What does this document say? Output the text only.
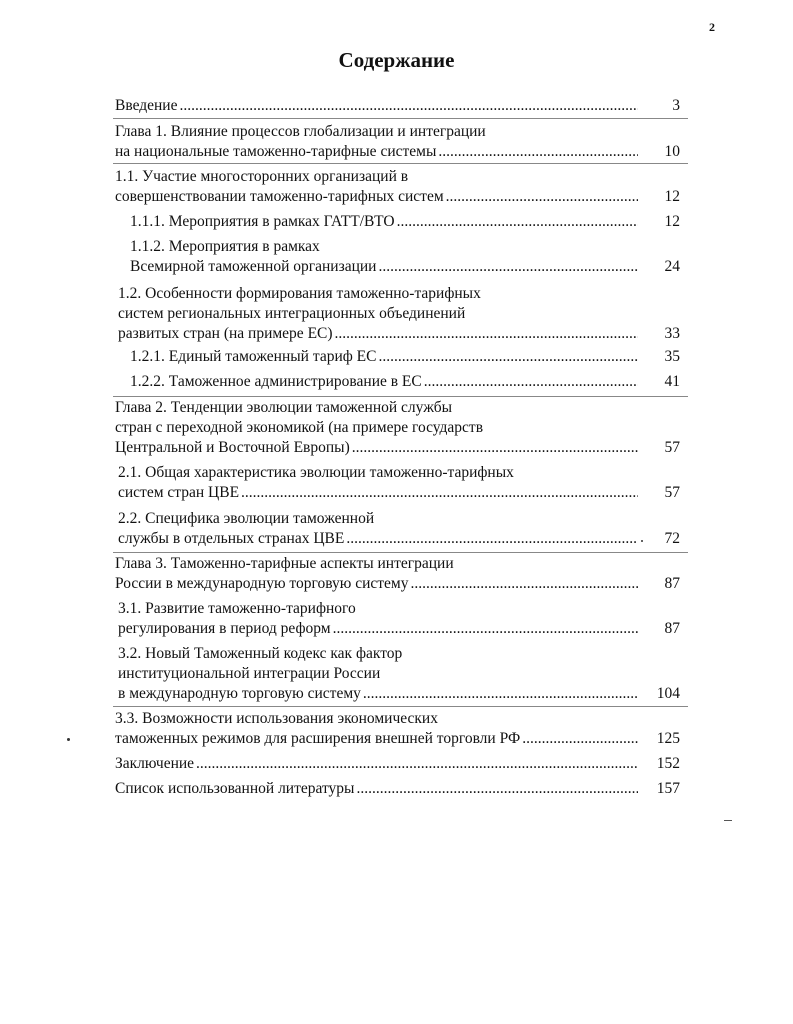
2
Содержание
Введение .....	3
Глава 1. Влияние процессов глобализации и интеграции
на национальные таможенно-тарифные системы .....	10
1.1. Участие многосторонних организаций в
совершенствовании таможенно-тарифных систем .....	12
1.1.1. Мероприятия в рамках ГАТТ/ВТО .....	12
1.1.2. Мероприятия в рамках
Всемирной таможенной организации .....	24
1.2. Особенности формирования таможенно-тарифных
систем региональных интеграционных объединений
развитых стран (на примере ЕС) .....	33
1.2.1. Единый таможенный тариф ЕС .....	35
1.2.2. Таможенное администрирование в ЕС .....	41
Глава 2. Тенденции эволюции таможенной службы
стран с переходной экономикой (на примере государств
Центральной и Восточной Европы) .....	57
2.1. Общая характеристика эволюции таможенно-тарифных
систем стран ЦВЕ .....	57
2.2. Специфика эволюции таможенной
службы в отдельных странах ЦВЕ .....	72
Глава 3. Таможенно-тарифные аспекты интеграции
России в международную торговую систему .....	87
3.1. Развитие таможенно-тарифного
регулирования в период реформ .....	87
3.2. Новый Таможенный кодекс как фактор
институциональной интеграции России
в международную торговую систему .....	104
3.3. Возможности использования экономических
таможенных режимов для расширения внешней торговли РФ .....	125
Заключение .....	152
Список использованной литературы .....	157
